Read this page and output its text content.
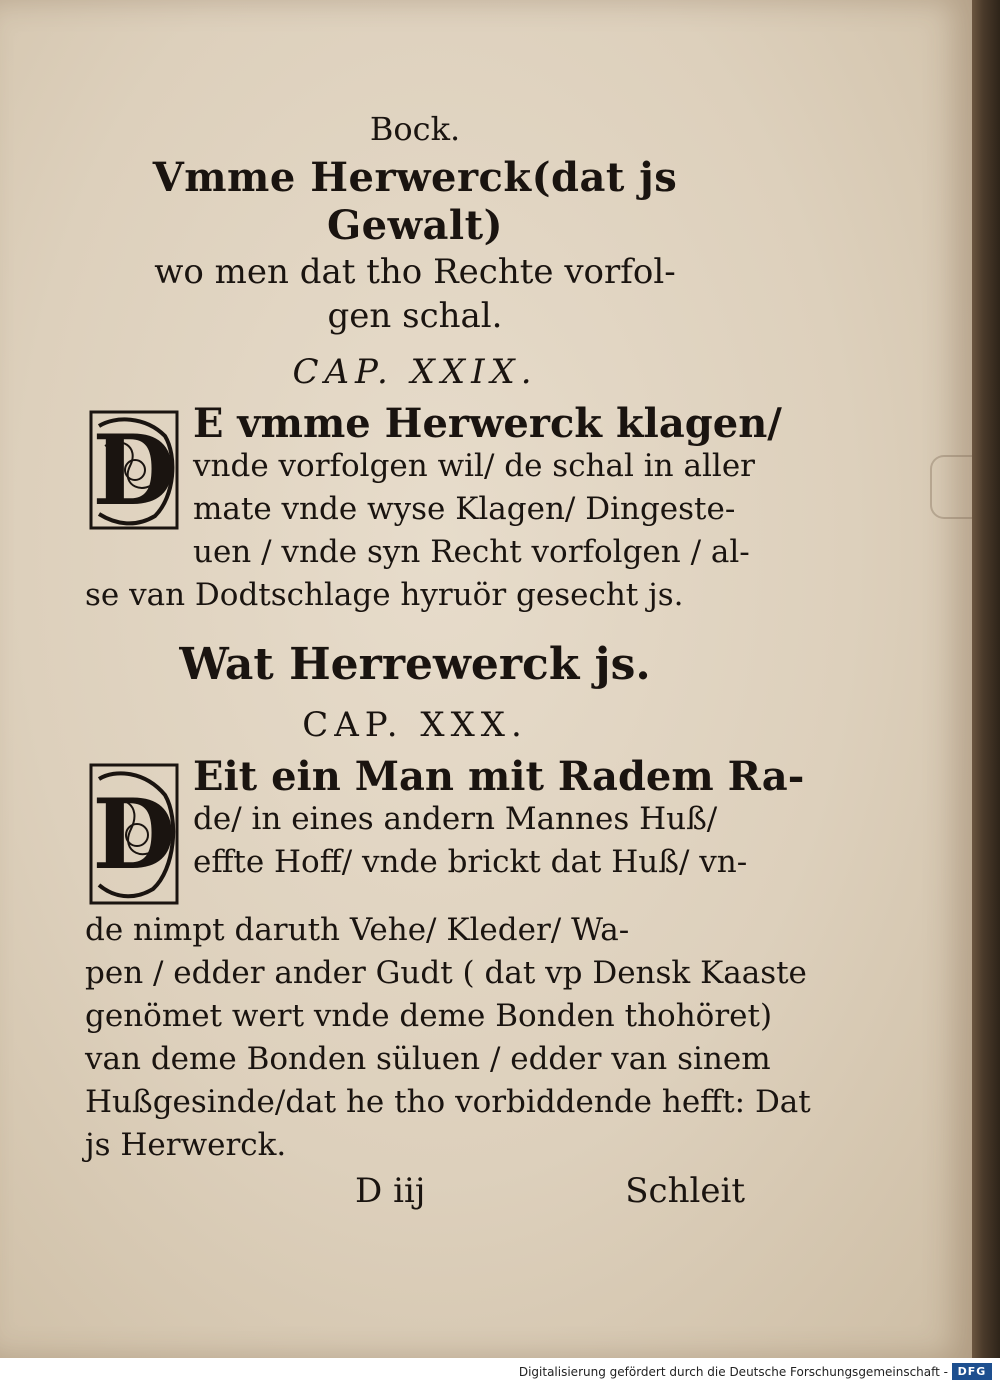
Bock.
Vmme Herwerck(dat js Gewalt)
wo men dat tho Rechte vorfol-
gen schal.
CAP. XXIX.
D E vmme Herwerck klagen/
vnde vorfolgen wil/ de schal in aller
mate vnde wyse Klagen/ Dingeste-
uen / vnde syn Recht vorfolgen / al-
se van Dodtschlage hyruör gesecht js.
Wat Herrewerck js.
CAP. XXX.
D
Eit ein Man mit Radem Ra-
de/ in eines andern Mannes Huß/
effte Hoff/ vnde brickt dat Huß/ vn-
de nimpt daruth Vehe/ Kleder/ Wa-
pen / edder ander Gudt ( dat vp Densk Kaaste
genömet wert vnde deme Bonden thohöret)
van deme Bonden süluen / edder van sinem
Hußgesinde/dat he tho vorbiddende hefft: Dat
js Herwerck.
D iij	Schleit
Digitalisierung gefördert durch die Deutsche Forschungsgemeinschaft - DFG
